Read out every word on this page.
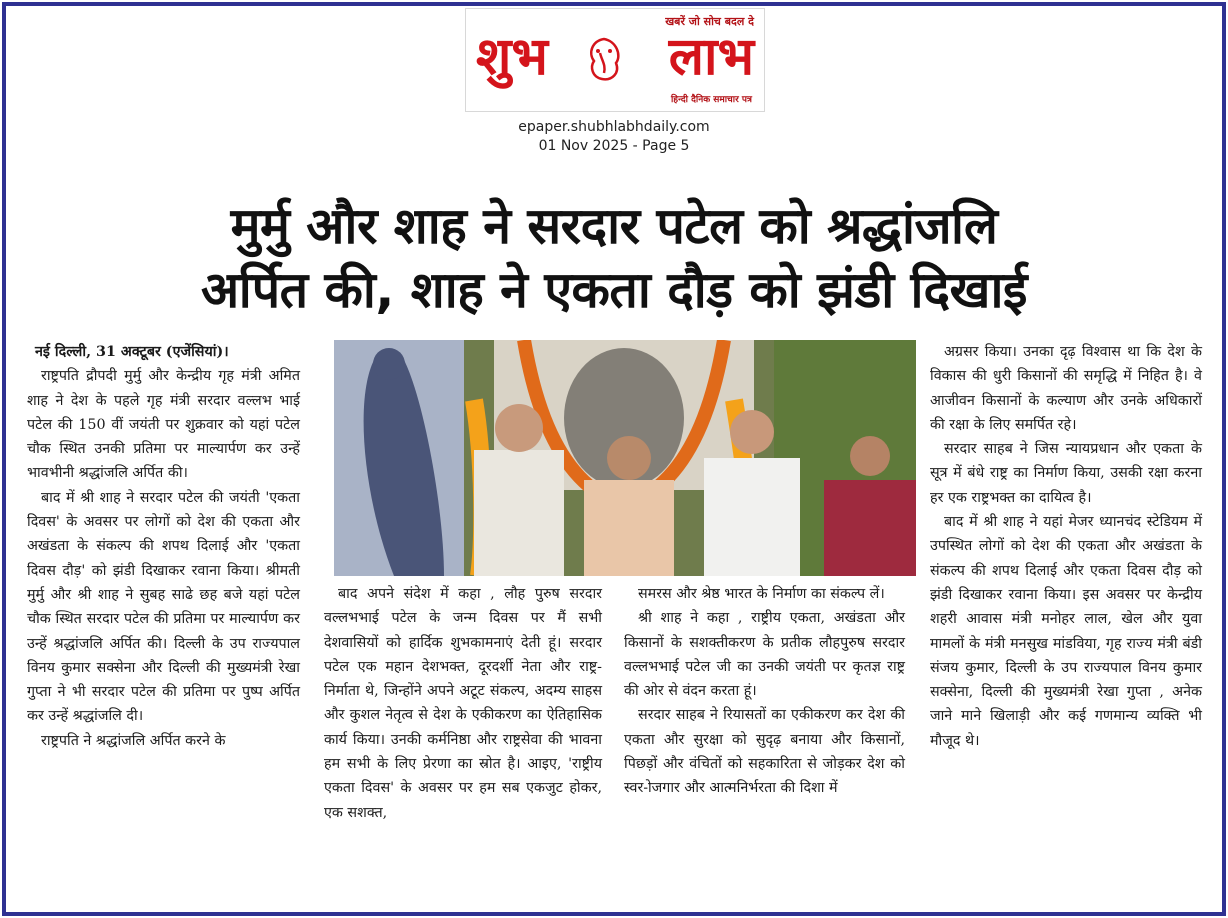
खबरें जो सोच बदल दे
शुभ लाभ
हिन्दी दैनिक समाचार पत्र
epaper.shubhlabhdaily.com
01 Nov 2025 - Page 5
मुर्मु और शाह ने सरदार पटेल को श्रद्धांजलि
अर्पित की, शाह ने एकता दौड़ को झंडी दिखाई

नई दिल्ली, 31 अक्टूबर (एजेंसियां)।

राष्ट्रपति द्रौपदी मुर्मु और केन्द्रीय गृह मंत्री अमित शाह ने देश के पहले गृह मंत्री सरदार वल्लभ भाई पटेल की 150 वीं जयंती पर शुक्रवार को यहां पटेल चौक स्थित उनकी प्रतिमा पर माल्यार्पण कर उन्हें भावभीनी श्रद्धांजलि अर्पित की।

बाद में श्री शाह ने सरदार पटेल की जयंती 'एकता दिवस' के अवसर पर लोगों को देश की एकता और अखंडता के संकल्प की शपथ दिलाई और 'एकता दिवस दौड़' को झंडी दिखाकर रवाना किया। श्रीमती मुर्मु और श्री शाह ने सुबह साढे छह बजे यहां पटेल चौक स्थित सरदार पटेल की प्रतिमा पर माल्यार्पण कर उन्हें श्रद्धांजलि अर्पित की। दिल्ली के उप राज्यपाल विनय कुमार सक्सेना और दिल्ली की मुख्यमंत्री रेखा गुप्ता ने भी सरदार पटेल की प्रतिमा पर पुष्प अर्पित कर उन्हें श्रद्धांजलि दी।

राष्ट्रपति ने श्रद्धांजलि अर्पित करने के

बाद अपने संदेश में कहा , लौह पुरुष सरदार वल्लभभाई पटेल के जन्म दिवस पर मैं सभी देशवासियों को हार्दिक शुभकामनाएं देती हूं। सरदार पटेल एक महान देशभक्त, दूरदर्शी नेता और राष्ट्र-निर्माता थे, जिन्होंने अपने अटूट संकल्प, अदम्य साहस और कुशल नेतृत्व से देश के एकीकरण का ऐतिहासिक कार्य किया। उनकी कर्मनिष्ठा और राष्ट्रसेवा की भावना हम सभी के लिए प्रेरणा का स्रोत है। आइए, 'राष्ट्रीय एकता दिवस' के अवसर पर हम सब एकजुट होकर, एक सशक्त,

समरस और श्रेष्ठ भारत के निर्माण का संकल्प लें।

श्री शाह ने कहा , राष्ट्रीय एकता, अखंडता और किसानों के सशक्तीकरण के प्रतीक लौहपुरुष सरदार वल्लभभाई पटेल जी का उनकी जयंती पर कृतज्ञ राष्ट्र की ओर से वंदन करता हूं।

सरदार साहब ने रियासतों का एकीकरण कर देश की एकता और सुरक्षा को सुदृढ़ बनाया और किसानों, पिछड़ों और वंचितों को सहकारिता से जोड़कर देश को स्वर-ोजगार और आत्मनिर्भरता की दिशा में

अग्रसर किया। उनका दृढ़ विश्वास था कि देश के विकास की धुरी किसानों की समृद्धि में निहित है। वे आजीवन किसानों के कल्याण और उनके अधिकारों की रक्षा के लिए समर्पित रहे।

सरदार साहब ने जिस न्यायप्रधान और एकता के सूत्र में बंधे राष्ट्र का निर्माण किया, उसकी रक्षा करना हर एक राष्ट्रभक्त का दायित्व है।

बाद में श्री शाह ने यहां मेजर ध्यानचंद स्टेडियम में उपस्थित लोगों को देश की एकता और अखंडता के संकल्प की शपथ दिलाई और एकता दिवस दौड़ को झंडी दिखाकर रवाना किया। इस अवसर पर केन्द्रीय शहरी आवास मंत्री मनोहर लाल, खेल और युवा मामलों के मंत्री मनसुख मांडविया, गृह राज्य मंत्री बंडी संजय कुमार, दिल्ली के उप राज्यपाल विनय कुमार सक्सेना, दिल्ली की मुख्यमंत्री रेखा गुप्ता , अनेक जाने माने खिलाड़ी और कई गणमान्य व्यक्ति भी मौजूद थे।
